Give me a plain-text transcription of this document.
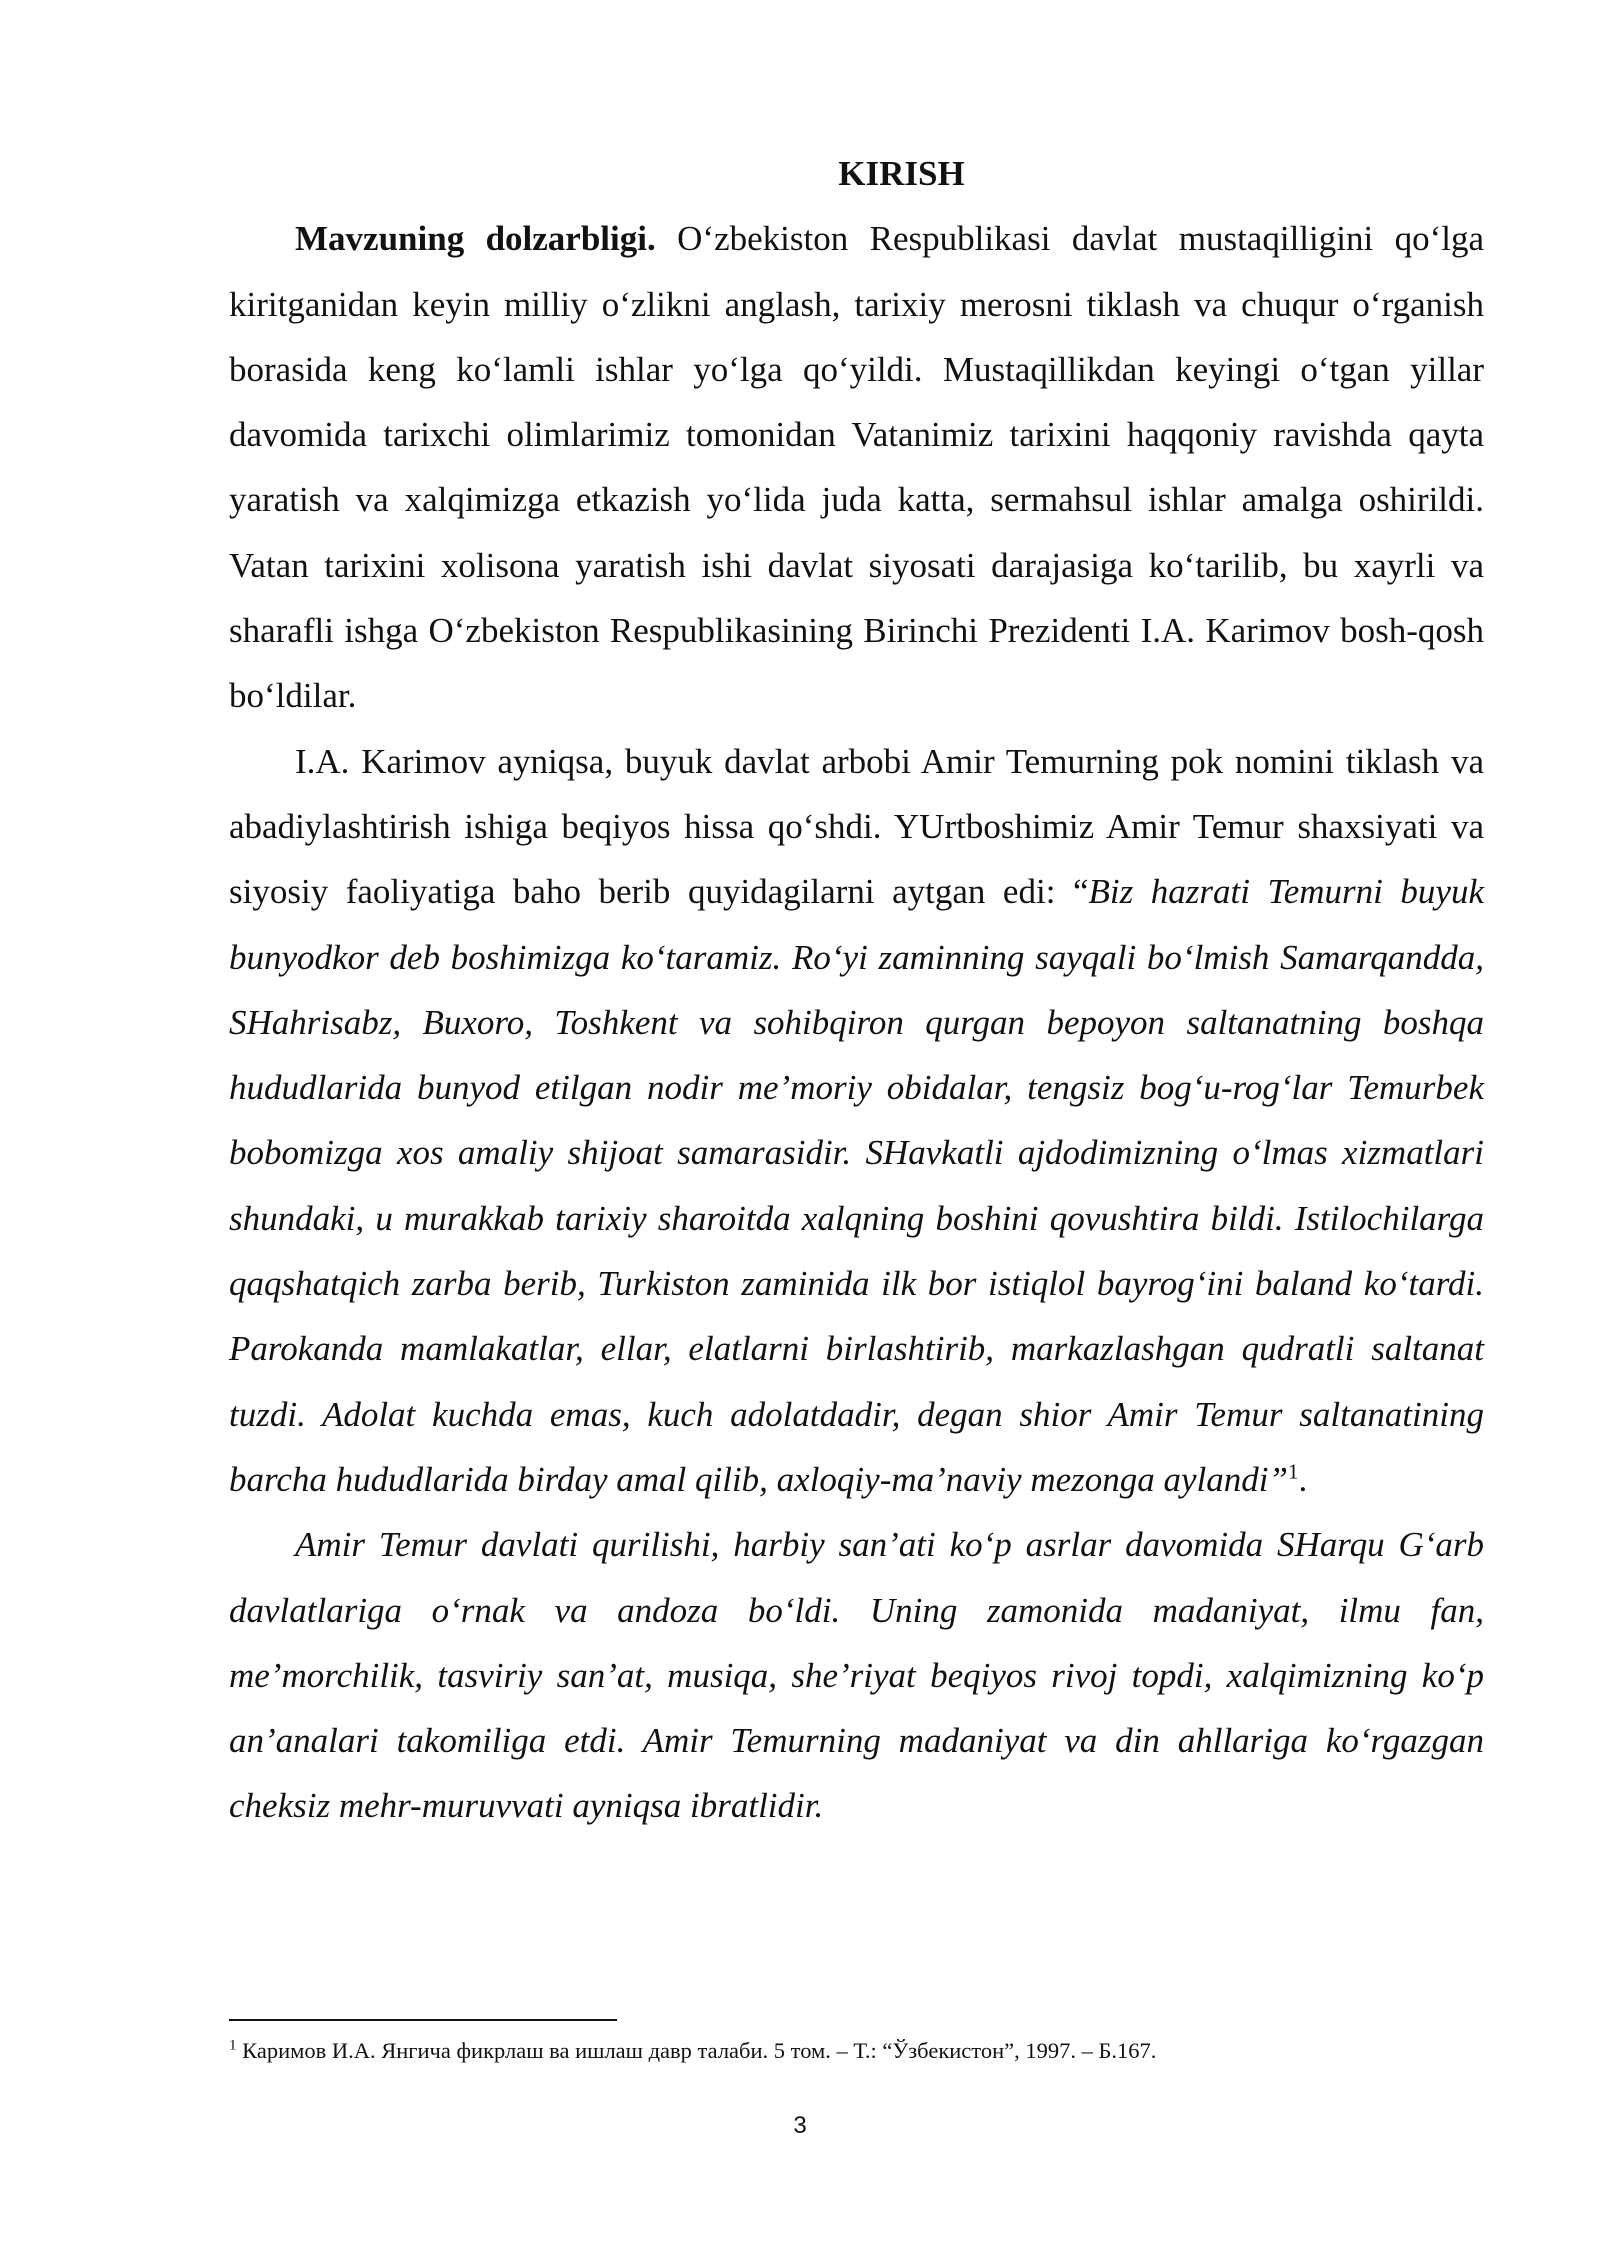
KIRISH

Mavzuning dolzarbligi. O‘zbekiston Respublikasi davlat mustaqilligini qo‘lga kiritganidan keyin milliy o‘zlikni anglash, tarixiy merosni tiklash va chuqur o‘rganish borasida keng ko‘lamli ishlar yo‘lga qo‘yildi. Mustaqillikdan keyingi o‘tgan yillar davomida tarixchi olimlarimiz tomonidan Vatanimiz tarixini haqqoniy ravishda qayta yaratish va xalqimizga etkazish yo‘lida juda katta, sermahsul ishlar amalga oshirildi. Vatan tarixini xolisona yaratish ishi davlat siyosati darajasiga ko‘tarilib, bu xayrli va sharafli ishga O‘zbekiston Respublikasining Birinchi Prezidenti I.A. Karimov bosh-qosh bo‘ldilar.

I.A. Karimov ayniqsa, buyuk davlat arbobi Amir Temurning pok nomini tiklash va abadiylashtirish ishiga beqiyos hissa qo‘shdi. YUrtboshimiz Amir Temur shaxsiyati va siyosiy faoliyatiga baho berib quyidagilarni aytgan edi: “Biz hazrati Temurni buyuk bunyodkor deb boshimizga ko‘taramiz. Ro‘yi zaminning sayqali bo‘lmish Samarqandda, SHahrisabz, Buxoro, Toshkent va sohibqiron qurgan bepoyon saltanatning boshqa hududlarida bunyod etilgan nodir me’moriy obidalar, tengsiz bog‘u-rog‘lar Temurbek bobomizga xos amaliy shijoat samarasidir. SHavkatli ajdodimizning o‘lmas xizmatlari shundaki, u murakkab tarixiy sharoitda xalqning boshini qovushtira bildi. Istilochilarga qaqshatqich zarba berib, Turkiston zaminida ilk bor istiqlol bayrog‘ini baland ko‘tardi. Parokanda mamlakatlar, ellar, elatlarni birlashtirib, markazlashgan qudratli saltanat tuzdi. Adolat kuchda emas, kuch adolatdadir, degan shior Amir Temur saltanatining barcha hududlarida birday amal qilib, axloqiy-ma’naviy mezonga aylandi”$^1$.

Amir Temur davlati qurilishi, harbiy san’ati ko‘p asrlar davomida SHarqu G‘arb davlatlariga o‘rnak va andoza bo‘ldi. Uning zamonida madaniyat, ilmu fan, me’morchilik, tasviriy san’at, musiqa, she’riyat beqiyos rivoj topdi, xalqimizning ko‘p an’analari takomiliga etdi. Amir Temurning madaniyat va din ahllariga ko‘rgazgan cheksiz mehr-muruvvati ayniqsa ibratlidir.

$^1$ Каримов И.А. Янгича фикрлаш ва ишлаш давр талаби. 5 том. – Т.: “Ўзбекистон”, 1997. – Б.167.
3
